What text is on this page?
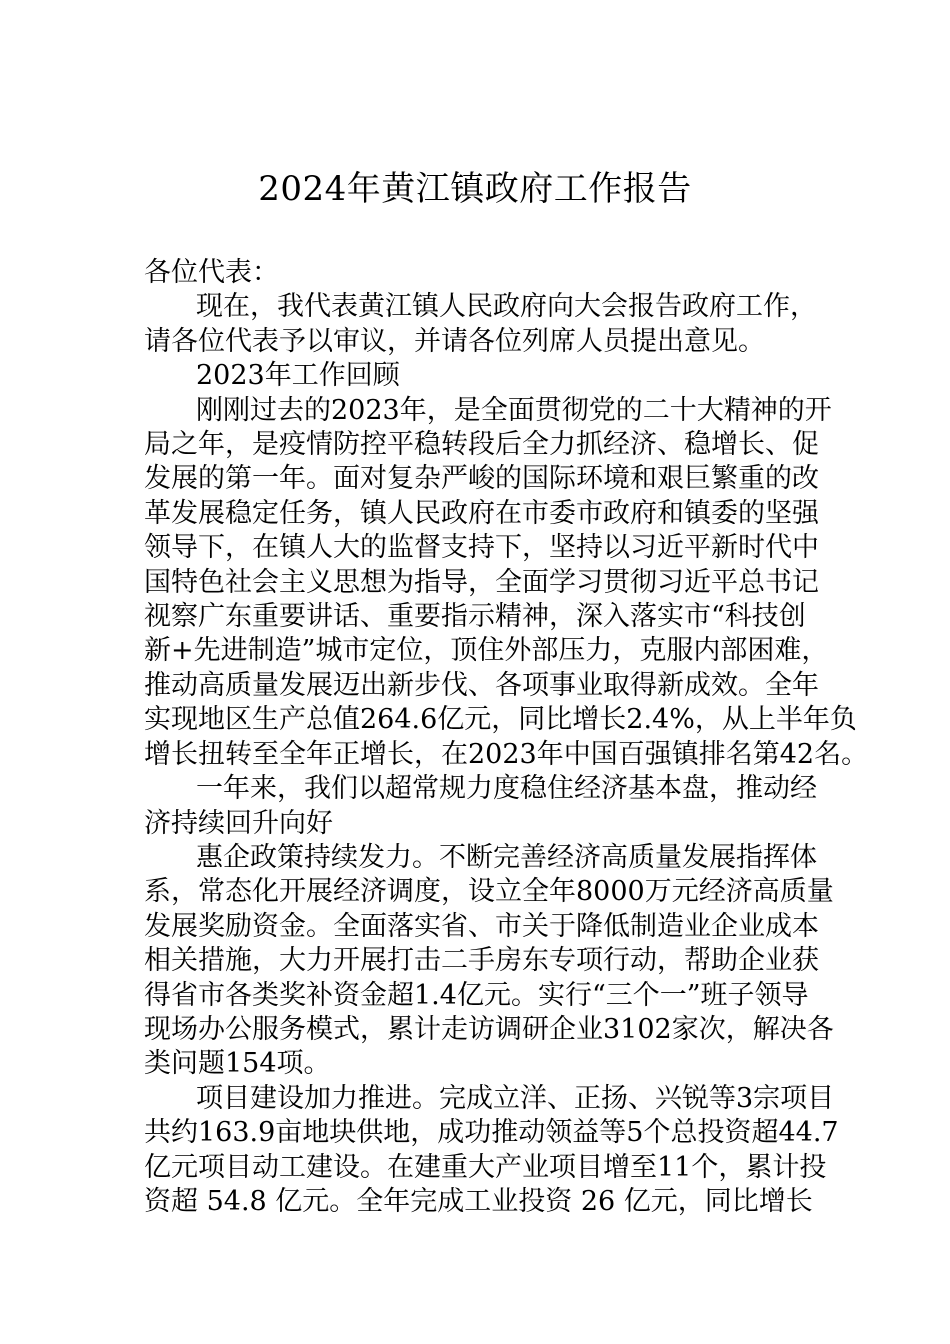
2024年黄江镇政府工作报告
各位代表：
现在，我代表黄江镇人民政府向大会报告政府工作，
请各位代表予以审议，并请各位列席人员提出意见。
2023年工作回顾
刚刚过去的2023年，是全面贯彻党的二十大精神的开
局之年，是疫情防控平稳转段后全力抓经济、稳增长、促
发展的第一年。面对复杂严峻的国际环境和艰巨繁重的改
革发展稳定任务，镇人民政府在市委市政府和镇委的坚强
领导下，在镇人大的监督支持下，坚持以习近平新时代中
国特色社会主义思想为指导，全面学习贯彻习近平总书记
视察广东重要讲话、重要指示精神，深入落实市“科技创
新+先进制造”城市定位，顶住外部压力，克服内部困难，
推动高质量发展迈出新步伐、各项事业取得新成效。全年
实现地区生产总值264.6亿元，同比增长2.4%，从上半年负
增长扭转至全年正增长，在2023年中国百强镇排名第42名。
一年来，我们以超常规力度稳住经济基本盘，推动经
济持续回升向好
惠企政策持续发力。不断完善经济高质量发展指挥体
系，常态化开展经济调度，设立全年8000万元经济高质量
发展奖励资金。全面落实省、市关于降低制造业企业成本
相关措施，大力开展打击二手房东专项行动，帮助企业获
得省市各类奖补资金超1.4亿元。实行“三个一”班子领导
现场办公服务模式，累计走访调研企业3102家次，解决各
类问题154项。
项目建设加力推进。完成立洋、正扬、兴锐等3宗项目
共约163.9亩地块供地，成功推动领益等5个总投资超44.7
亿元项目动工建设。在建重大产业项目增至11个，累计投
资超 54.8 亿元。全年完成工业投资 26 亿元，同比增长
